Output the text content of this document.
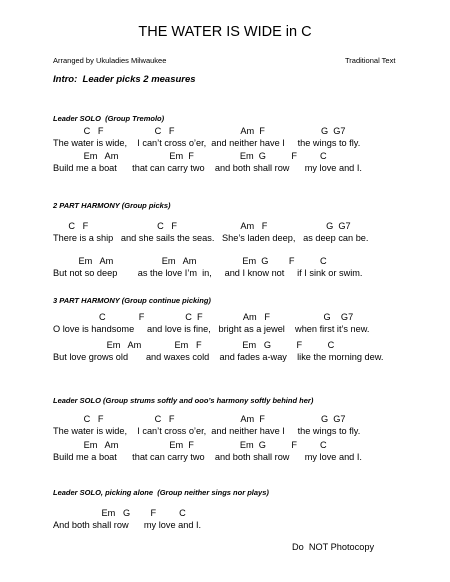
THE WATER IS WIDE in C
Arranged by Ukuladies Milwaukee	Traditional Text
Intro:  Leader picks 2 measures
Leader SOLO  (Group Tremolo)
C   F                    C   F                          Am  F                      G  G7
The water is wide,    I can’t cross o’er,  and neither have I     the wings to fly.
Em   Am                    Em  F                  Em  G          F         C
Build me a boat      that can carry two    and both shall row      my love and I.
2 PART HARMONY (Group picks)
C   F                           C   F                         Am   F                       G  G7
There is a ship   and she sails the seas.   She’s laden deep,   as deep can be.
Em   Am                   Em   Am                  Em  G        F          C
But not so deep        as the love I’m  in,     and I know not     if I sink or swim.
3 PART HARMONY (Group continue picking)
C             F                C  F                Am   F                     G    G7
O love is handsome     and love is fine,   bright as a jewel    when first it’s new.
Em   Am             Em   F                Em   G          F          C
But love grows old       and waxes cold    and fades a-way    like the morning dew.
Leader SOLO (Group strums softly and ooo’s harmony softly behind her)
C   F                    C   F                          Am  F                      G  G7
The water is wide,    I can’t cross o’er,  and neither have I     the wings to fly.
Em   Am                    Em  F                  Em  G          F         C
Build me a boat      that can carry two    and both shall row      my love and I.
Leader SOLO, picking alone  (Group neither sings nor plays)
Em   G        F         C
And both shall row      my love and I.
Do  NOT Photocopy
